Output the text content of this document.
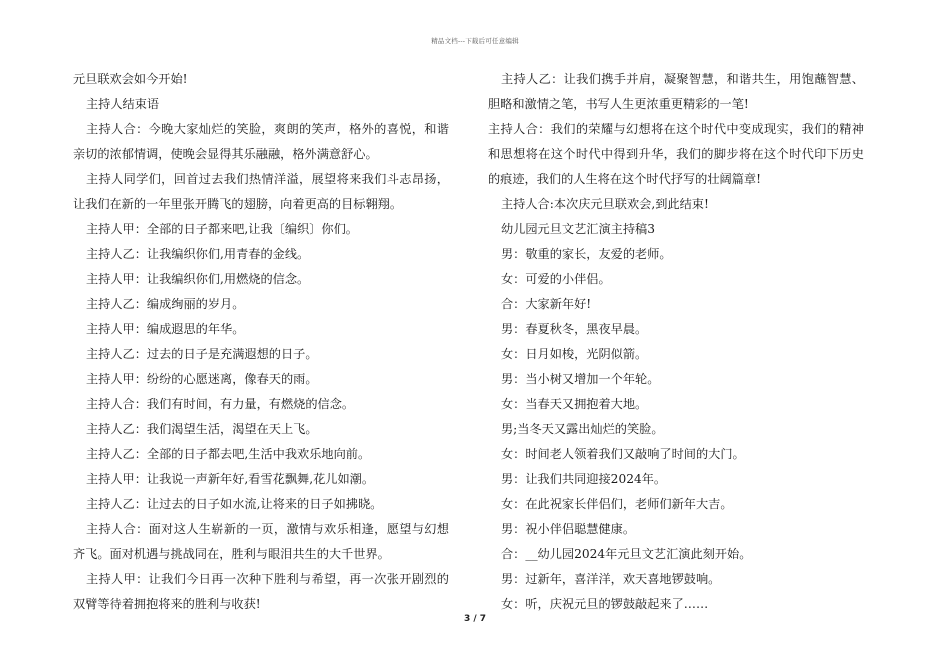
精品文档---下载后可任意编辑

元旦联欢会如今开始!

主持人结束语

主持人合：今晚大家灿烂的笑脸，爽朗的笑声，格外的喜悦，和谐亲切的浓郁情调，使晚会显得其乐融融，格外满意舒心。

主持人同学们，回首过去我们热情洋溢，展望将来我们斗志昂扬，让我们在新的一年里张开腾飞的翅膀，向着更高的目标翱翔。

主持人甲：全部的日子都来吧,让我〔编织〕你们。

主持人乙：让我编织你们,用青春的金线。

主持人甲：让我编织你们,用燃烧的信念。

主持人乙：编成绚丽的岁月。

主持人甲：编成遐思的年华。

主持人乙：过去的日子是充满遐想的日子。

主持人甲：纷纷的心愿迷离，像春天的雨。

主持人合：我们有时间，有力量，有燃烧的信念。

主持人乙：我们渴望生活，渴望在天上飞。

主持人乙：全部的日子都去吧,生活中我欢乐地向前。

主持人甲：让我说一声新年好,看雪花飘舞,花儿如潮。

主持人乙：让过去的日子如水流,让将来的日子如拂晓。

主持人合：面对这人生崭新的一页，激情与欢乐相逢，愿望与幻想齐飞。面对机遇与挑战同在，胜利与眼泪共生的大千世界。

主持人甲：让我们今日再一次种下胜利与希望，再一次张开剧烈的双臂等待着拥抱将来的胜利与收获!

主持人乙：让我们携手并肩，凝聚智慧，和谐共生，用饱蘸智慧、胆略和激情之笔，书写人生更浓重更精彩的一笔!

主持人合：我们的荣耀与幻想将在这个时代中变成现实，我们的精神和思想将在这个时代中得到升华，我们的脚步将在这个时代印下历史的痕迹，我们的人生将在这个时代抒写的壮阔篇章!

主持人合:本次庆元旦联欢会,到此结束!

幼儿园元旦文艺汇演主持稿3

男：敬重的家长，友爱的老师。

女：可爱的小伴侣。

合：大家新年好!

男：春夏秋冬，黑夜早晨。

女：日月如梭，光阴似箭。

男：当小树又增加一个年轮。

女：当春天又拥抱着大地。

男;当冬天又露出灿烂的笑脸。

女：时间老人领着我们又敲响了时间的大门。

男：让我们共同迎接2024年。

女：在此祝家长伴侣们，老师们新年大吉。

男：祝小伴侣聪慧健康。

合：__幼儿园2024年元旦文艺汇演此刻开始。

男：过新年，喜洋洋，欢天喜地锣鼓响。

女：听，庆祝元旦的锣鼓敲起来了……

3 / 7
